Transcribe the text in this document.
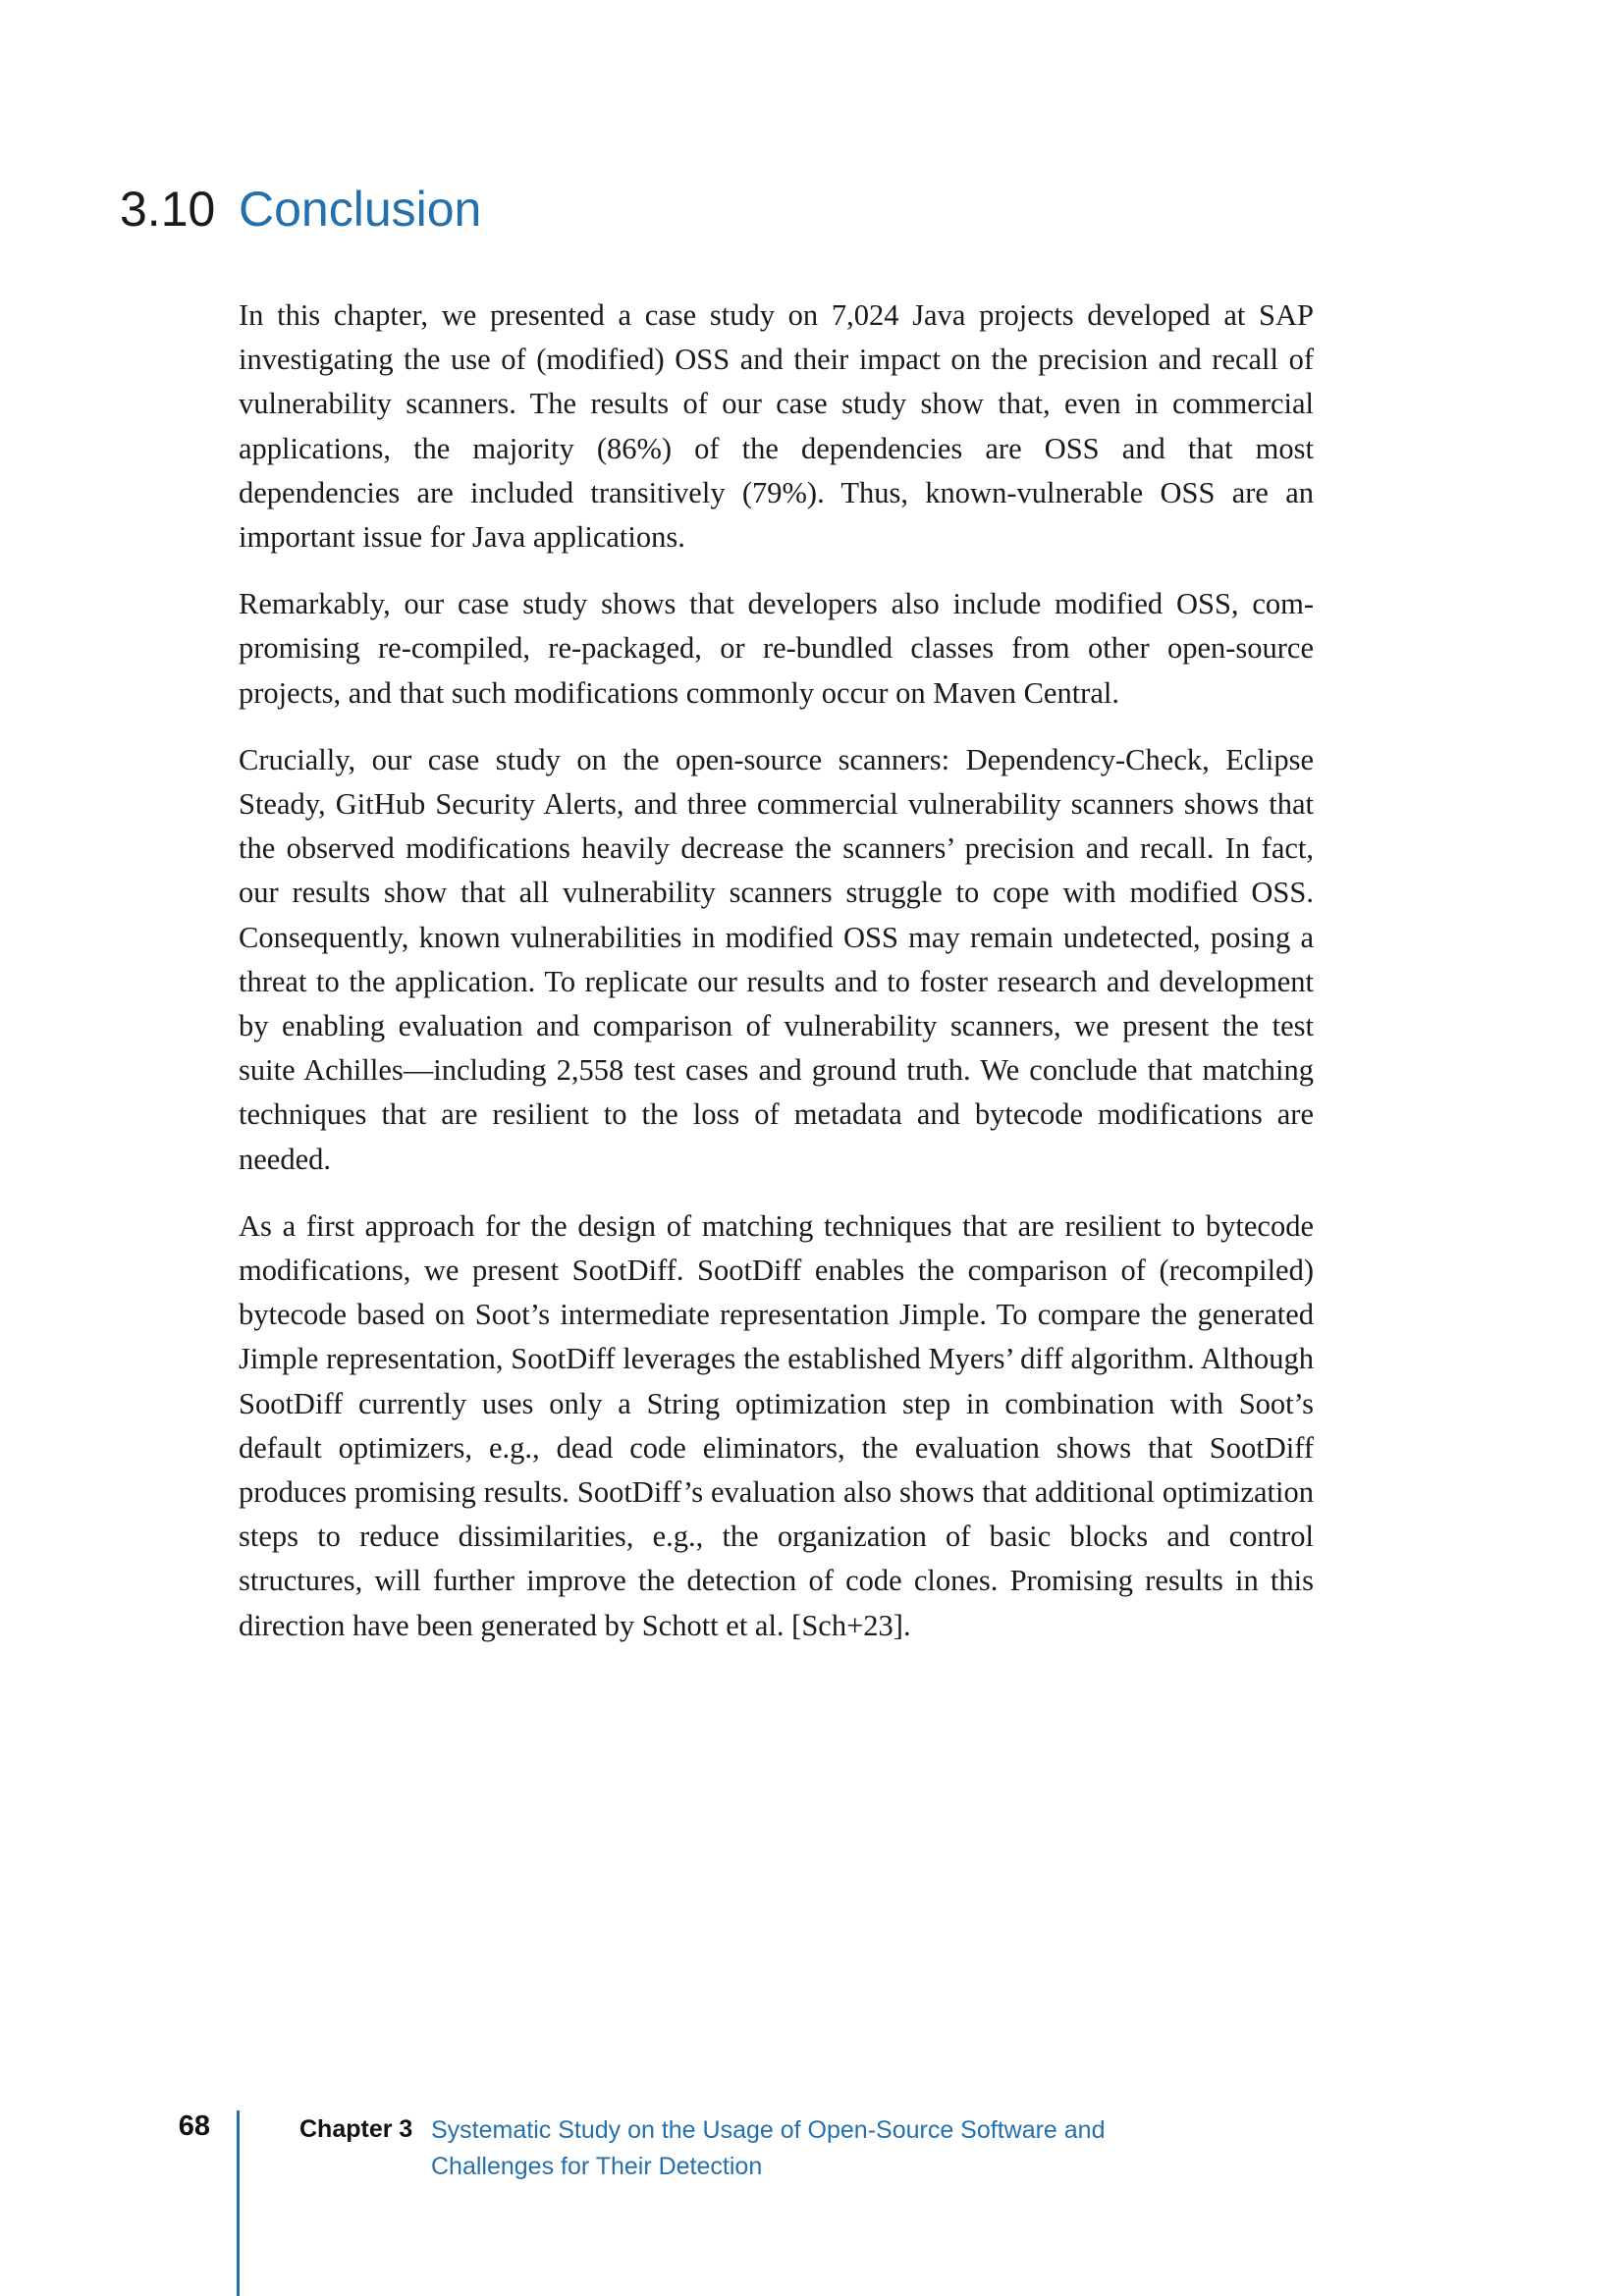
3.10 Conclusion

In this chapter, we presented a case study on 7,024 Java projects developed at SAP investigating the use of (modified) OSS and their impact on the precision and recall of vulnerability scanners. The results of our case study show that, even in commercial applications, the majority (86%) of the dependencies are OSS and that most dependencies are included transitively (79%). Thus, known-vulnerable OSS are an important issue for Java applications.

Remarkably, our case study shows that developers also include modified OSS, compromising re-compiled, re-packaged, or re-bundled classes from other open-source projects, and that such modifications commonly occur on Maven Central.

Crucially, our case study on the open-source scanners: Dependency-Check, Eclipse Steady, GitHub Security Alerts, and three commercial vulnerability scanners shows that the observed modifications heavily decrease the scanners’ precision and recall. In fact, our results show that all vulnerability scanners struggle to cope with modified OSS. Consequently, known vulnerabilities in modified OSS may remain undetected, posing a threat to the application. To replicate our results and to foster research and development by enabling evaluation and comparison of vulnerability scanners, we present the test suite Achilles—including 2,558 test cases and ground truth. We conclude that matching techniques that are resilient to the loss of metadata and bytecode modifications are needed.

As a first approach for the design of matching techniques that are resilient to bytecode modifications, we present SootDiff. SootDiff enables the comparison of (recompiled) bytecode based on Soot’s intermediate representation Jimple. To compare the generated Jimple representation, SootDiff leverages the established Myers’ diff algorithm. Although SootDiff currently uses only a String optimization step in combination with Soot’s default optimizers, e.g., dead code eliminators, the evaluation shows that SootDiff produces promising results. SootDiff’s evaluation also shows that additional optimization steps to reduce dissimilarities, e.g., the organization of basic blocks and control structures, will further improve the detection of code clones. Promising results in this direction have been generated by Schott et al. [Sch+23].

68	Chapter 3 Systematic Study on the Usage of Open-Source Software and
Challenges for Their Detection
